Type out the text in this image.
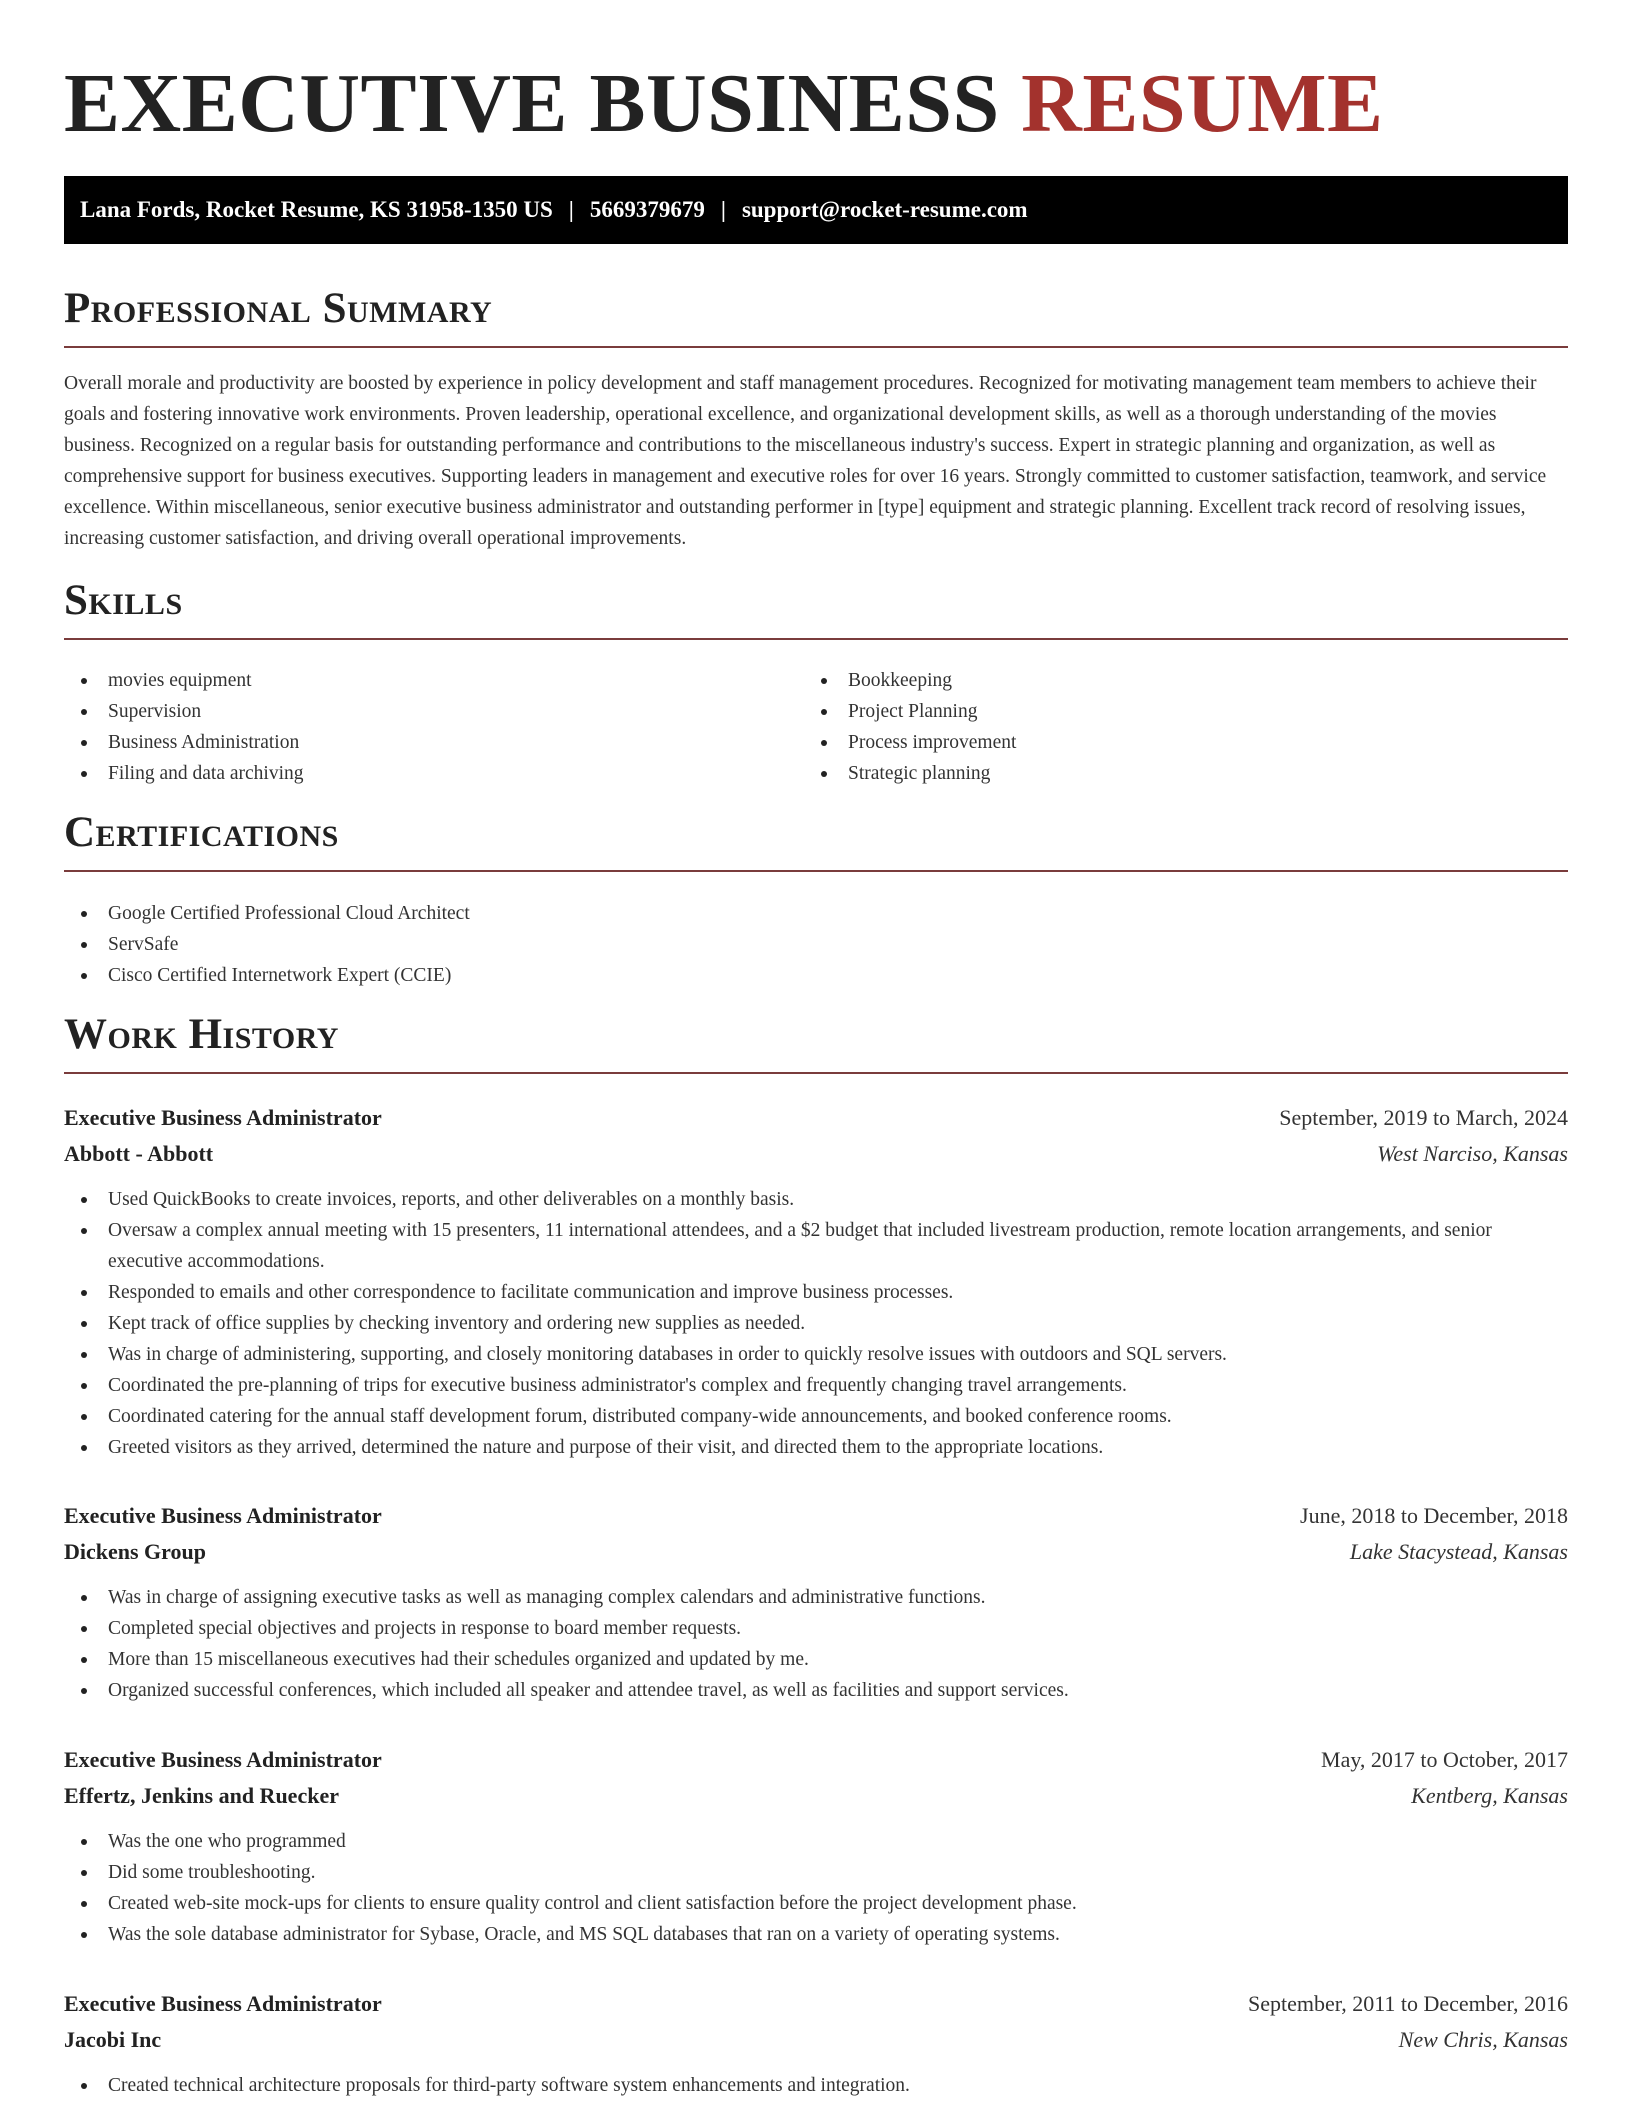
EXECUTIVE BUSINESS RESUME
Lana Fords, Rocket Resume, KS 31958-1350 US | 5669379679 | support@rocket-resume.com
Professional Summary

Overall morale and productivity are boosted by experience in policy development and staff management procedures. Recognized for motivating management team members to achieve their goals and fostering innovative work environments. Proven leadership, operational excellence, and organizational development skills, as well as a thorough understanding of the movies business. Recognized on a regular basis for outstanding performance and contributions to the miscellaneous industry's success. Expert in strategic planning and organization, as well as comprehensive support for business executives. Supporting leaders in management and executive roles for over 16 years. Strongly committed to customer satisfaction, teamwork, and service excellence. Within miscellaneous, senior executive business administrator and outstanding performer in [type] equipment and strategic planning. Excellent track record of resolving issues, increasing customer satisfaction, and driving overall operational improvements.

Skills
movies equipment
Supervision
Business Administration
Filing and data archiving
Bookkeeping
Project Planning
Process improvement
Strategic planning
Certifications
Google Certified Professional Cloud Architect
ServSafe
Cisco Certified Internetwork Expert (CCIE)
Work History
Executive Business Administrator	September, 2019 to March, 2024
Abbott - Abbott	West Narciso, Kansas
Used QuickBooks to create invoices, reports, and other deliverables on a monthly basis.
Oversaw a complex annual meeting with 15 presenters, 11 international attendees, and a $2 budget that included livestream production, remote location arrangements, and senior executive accommodations.
Responded to emails and other correspondence to facilitate communication and improve business processes.
Kept track of office supplies by checking inventory and ordering new supplies as needed.
Was in charge of administering, supporting, and closely monitoring databases in order to quickly resolve issues with outdoors and SQL servers.
Coordinated the pre-planning of trips for executive business administrator's complex and frequently changing travel arrangements.
Coordinated catering for the annual staff development forum, distributed company-wide announcements, and booked conference rooms.
Greeted visitors as they arrived, determined the nature and purpose of their visit, and directed them to the appropriate locations.
Executive Business Administrator	June, 2018 to December, 2018
Dickens Group	Lake Stacystead, Kansas
Was in charge of assigning executive tasks as well as managing complex calendars and administrative functions.
Completed special objectives and projects in response to board member requests.
More than 15 miscellaneous executives had their schedules organized and updated by me.
Organized successful conferences, which included all speaker and attendee travel, as well as facilities and support services.
Executive Business Administrator	May, 2017 to October, 2017
Effertz, Jenkins and Ruecker	Kentberg, Kansas
Was the one who programmed
Did some troubleshooting.
Created web-site mock-ups for clients to ensure quality control and client satisfaction before the project development phase.
Was the sole database administrator for Sybase, Oracle, and MS SQL databases that ran on a variety of operating systems.
Executive Business Administrator	September, 2011 to December, 2016
Jacobi Inc	New Chris, Kansas
Created technical architecture proposals for third-party software system enhancements and integration.
